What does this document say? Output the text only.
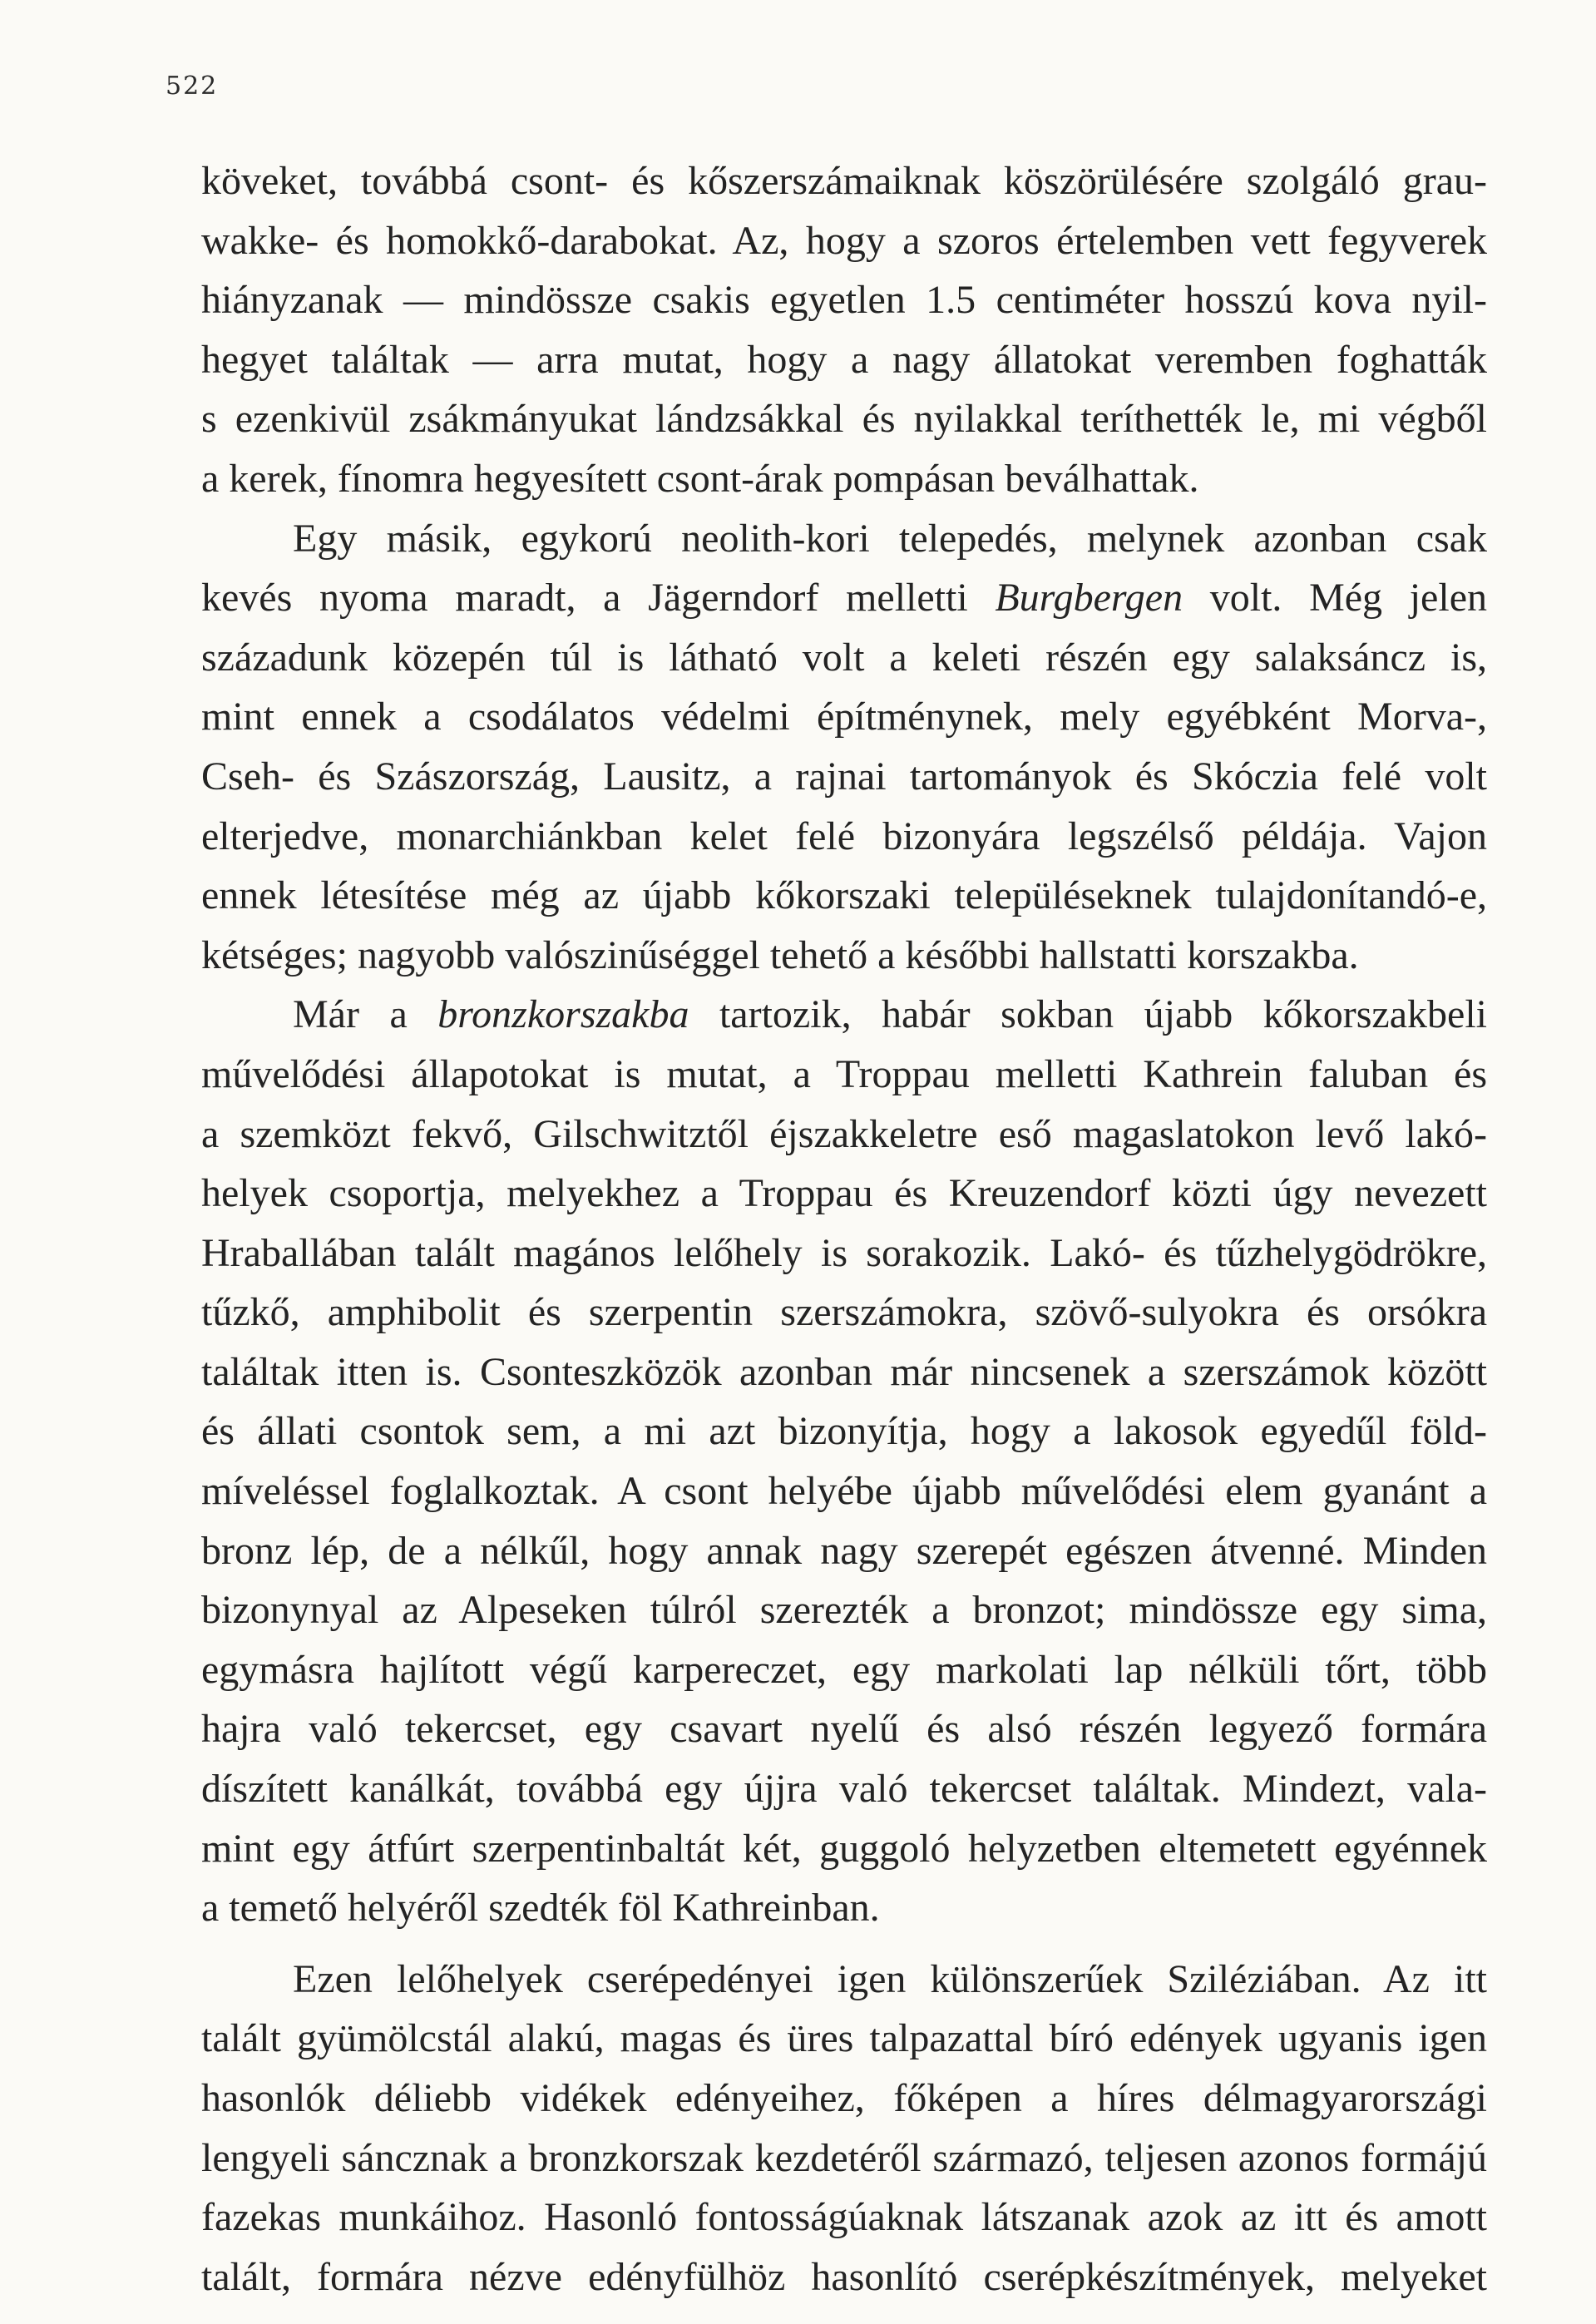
522
köveket, továbbá csont- és kőszerszámaiknak köszörülésére szolgáló grau-
wakke- és homokkő-darabokat. Az, hogy a szoros értelemben vett fegyverek
hiányzanak — mindössze csakis egyetlen 1.5 centiméter hosszú kova nyil-
hegyet találtak — arra mutat, hogy a nagy állatokat veremben foghatták
s ezenkivül zsákmányukat lándzsákkal és nyilakkal teríthették le, mi végből
a kerek, fínomra hegyesített csont-árak pompásan beválhattak.
Egy másik, egykorú neolith-kori telepedés, melynek azonban csak
kevés nyoma maradt, a Jägerndorf melletti Burgbergen volt. Még jelen
századunk közepén túl is látható volt a keleti részén egy salaksáncz is,
mint ennek a csodálatos védelmi építménynek, mely egyébként Morva-,
Cseh- és Szászország, Lausitz, a rajnai tartományok és Skóczia felé volt
elterjedve, monarchiánkban kelet felé bizonyára legszélső példája. Vajon
ennek létesítése még az újabb kőkorszaki településeknek tulajdonítandó-e,
kétséges; nagyobb valószinűséggel tehető a későbbi hallstatti korszakba.
Már a bronzkorszakba tartozik, habár sokban újabb kőkorszakbeli
művelődési állapotokat is mutat, a Troppau melletti Kathrein faluban és
a szemközt fekvő, Gilschwitztől éjszakkeletre eső magaslatokon levő lakó-
helyek csoportja, melyekhez a Troppau és Kreuzendorf közti úgy nevezett
Hraballában talált magános lelőhely is sorakozik. Lakó- és tűzhelygödrökre,
tűzkő, amphibolit és szerpentin szerszámokra, szövő-sulyokra és orsókra
találtak itten is. Csonteszközök azonban már nincsenek a szerszámok között
és állati csontok sem, a mi azt bizonyítja, hogy a lakosok egyedűl föld-
míveléssel foglalkoztak. A csont helyébe újabb művelődési elem gyanánt a
bronz lép, de a nélkűl, hogy annak nagy szerepét egészen átvenné. Minden
bizonynyal az Alpeseken túlról szerezték a bronzot; mindössze egy sima,
egymásra hajlított végű karpereczet, egy markolati lap nélküli tőrt, több
hajra való tekercset, egy csavart nyelű és alsó részén legyező formára
díszített kanálkát, továbbá egy újjra való tekercset találtak. Mindezt, vala-
mint egy átfúrt szerpentinbaltát két, guggoló helyzetben eltemetett egyénnek
a temető helyéről szedték föl Kathreinban.
Ezen lelőhelyek cserépedényei igen különszerűek Sziléziában. Az itt
talált gyümölcstál alakú, magas és üres talpazattal bíró edények ugyanis igen
hasonlók déliebb vidékek edényeihez, főképen a híres délmagyarországi
lengyeli sáncznak a bronzkorszak kezdetéről származó, teljesen azonos formájú
fazekas munkáihoz. Hasonló fontosságúaknak látszanak azok az itt és amott
talált, formára nézve edényfülhöz hasonlító cserépkészítmények, melyeket
